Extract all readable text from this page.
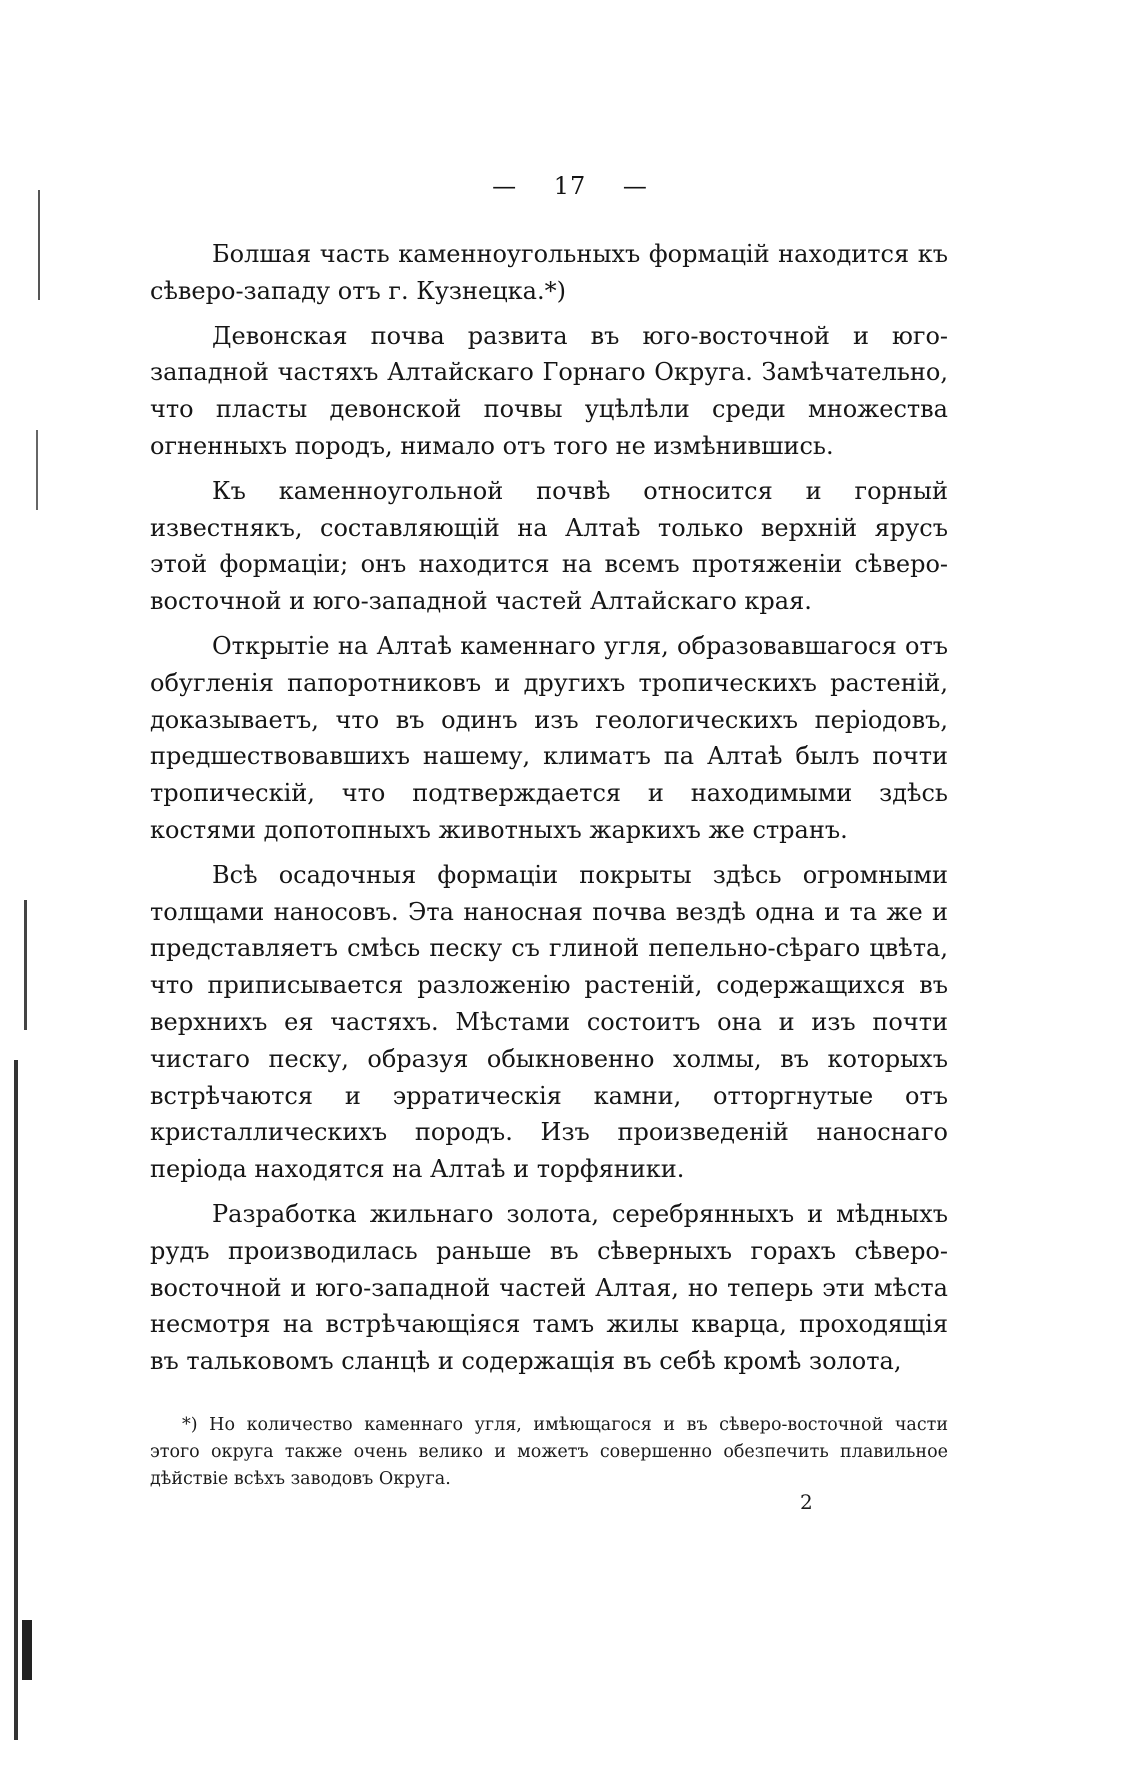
— 17 —

Болшая часть каменноугольныхъ формацій находится къ сѣверо-западу отъ г. Кузнецка.*)

Девонская почва развита въ юго-восточной и юго-западной частяхъ Алтайскаго Горнаго Округа. Замѣчательно, что пласты девонской почвы уцѣлѣли среди множества огненныхъ породъ, нимало отъ того не измѣнившись.

Къ каменноугольной почвѣ относится и горный известнякъ, составляющій на Алтаѣ только верхній ярусъ этой формаціи; онъ находится на всемъ протяженіи сѣверо-восточной и юго-западной частей Алтайскаго края.

Открытіе на Алтаѣ каменнаго угля, образовавшагося отъ обугленія папоротниковъ и другихъ тропическихъ растеній, доказываетъ, что въ одинъ изъ геологическихъ періодовъ, предшествовавшихъ нашему, климатъ па Алтаѣ былъ почти тропическій, что подтверждается и находимыми здѣсь костями допотопныхъ животныхъ жаркихъ же странъ.

Всѣ осадочныя формаціи покрыты здѣсь огромными толщами наносовъ. Эта наносная почва вездѣ одна и та же и представляетъ смѣсь песку съ глиной пепельно-сѣраго цвѣта, что приписывается разложенію растеній, содержащихся въ верхнихъ ея частяхъ. Мѣстами состоитъ она и изъ почти чистаго песку, образуя обыкновенно холмы, въ которыхъ встрѣчаются и эрратическія камни, отторгнутые отъ кристаллическихъ породъ. Изъ произведеній наноснаго періода находятся на Алтаѣ и торфяники.

Разработка жильнаго золота, серебрянныхъ и мѣдныхъ рудъ производилась раньше въ сѣверныхъ горахъ сѣверо-восточной и юго-западной частей Алтая, но теперь эти мѣста несмотря на встрѣчающіяся тамъ жилы кварца, проходящія въ тальковомъ сланцѣ и содержащія въ себѣ кромѣ золота,

*) Но количество каменнаго угля, имѣющагося и въ сѣверо-восточной части этого округа также очень велико и можетъ совершенно обезпечить плавильное дѣйствіе всѣхъ заводовъ Округа.

2
